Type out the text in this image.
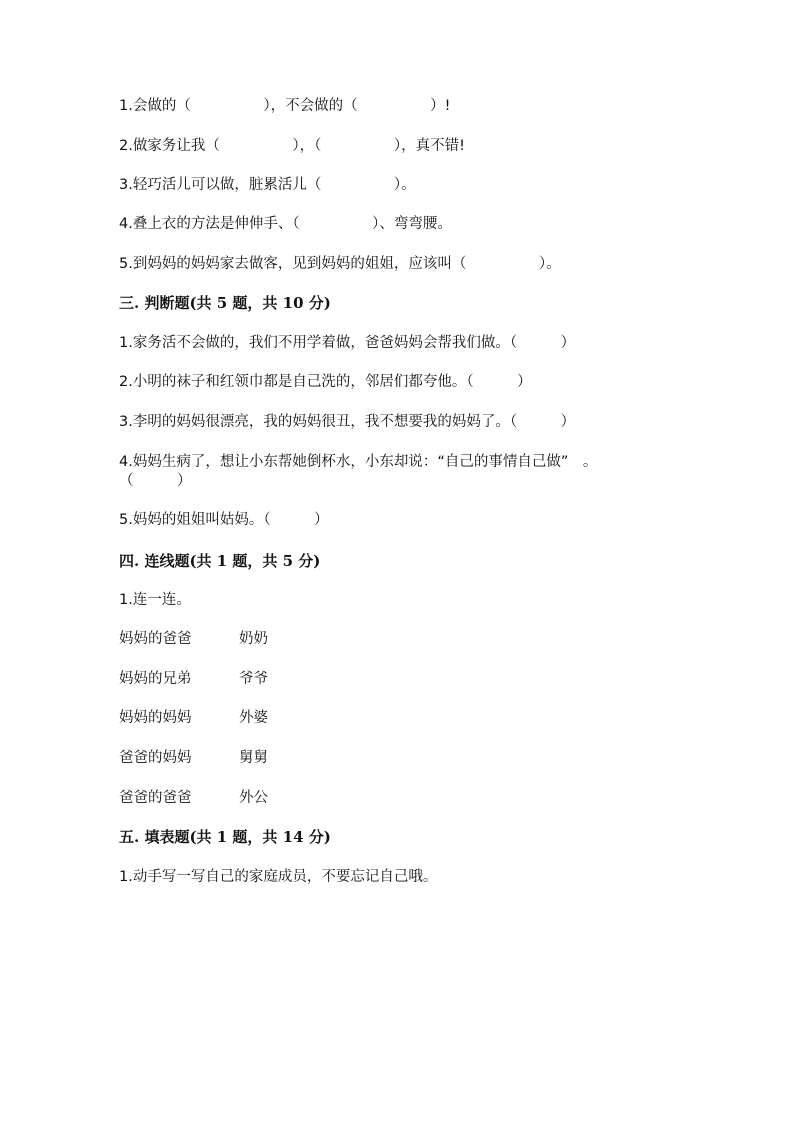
1.会做的（　　　　　），不会做的（　　　　　）!
2.做家务让我（　　　　　），（　　　　　），真不错!
3.轻巧活儿可以做，脏累活儿（　　　　　）。
4.叠上衣的方法是伸伸手、（　　　　　）、弯弯腰。
5.到妈妈的妈妈家去做客，见到妈妈的姐姐，应该叫（　　　　　）。
三. 判断题(共 5 题，共 10 分)
1.家务活不会做的，我们不用学着做，爸爸妈妈会帮我们做。（　　　）
2.小明的袜子和红领巾都是自己洗的，邻居们都夸他。（　　　）
3.李明的妈妈很漂亮，我的妈妈很丑，我不想要我的妈妈了。（　　　）
4.妈妈生病了，想让小东帮她倒杯水，小东却说：“自己的事情自己做”　。
（　　　）
5.妈妈的姐姐叫姑妈。（　　　）
四. 连线题(共 1 题，共 5 分)
1.连一连。
妈妈的爸爸	奶奶
妈妈的兄弟	爷爷
妈妈的妈妈	外婆
爸爸的妈妈	舅舅
爸爸的爸爸	外公
五. 填表题(共 1 题，共 14 分)
1.动手写一写自己的家庭成员，不要忘记自己哦。
